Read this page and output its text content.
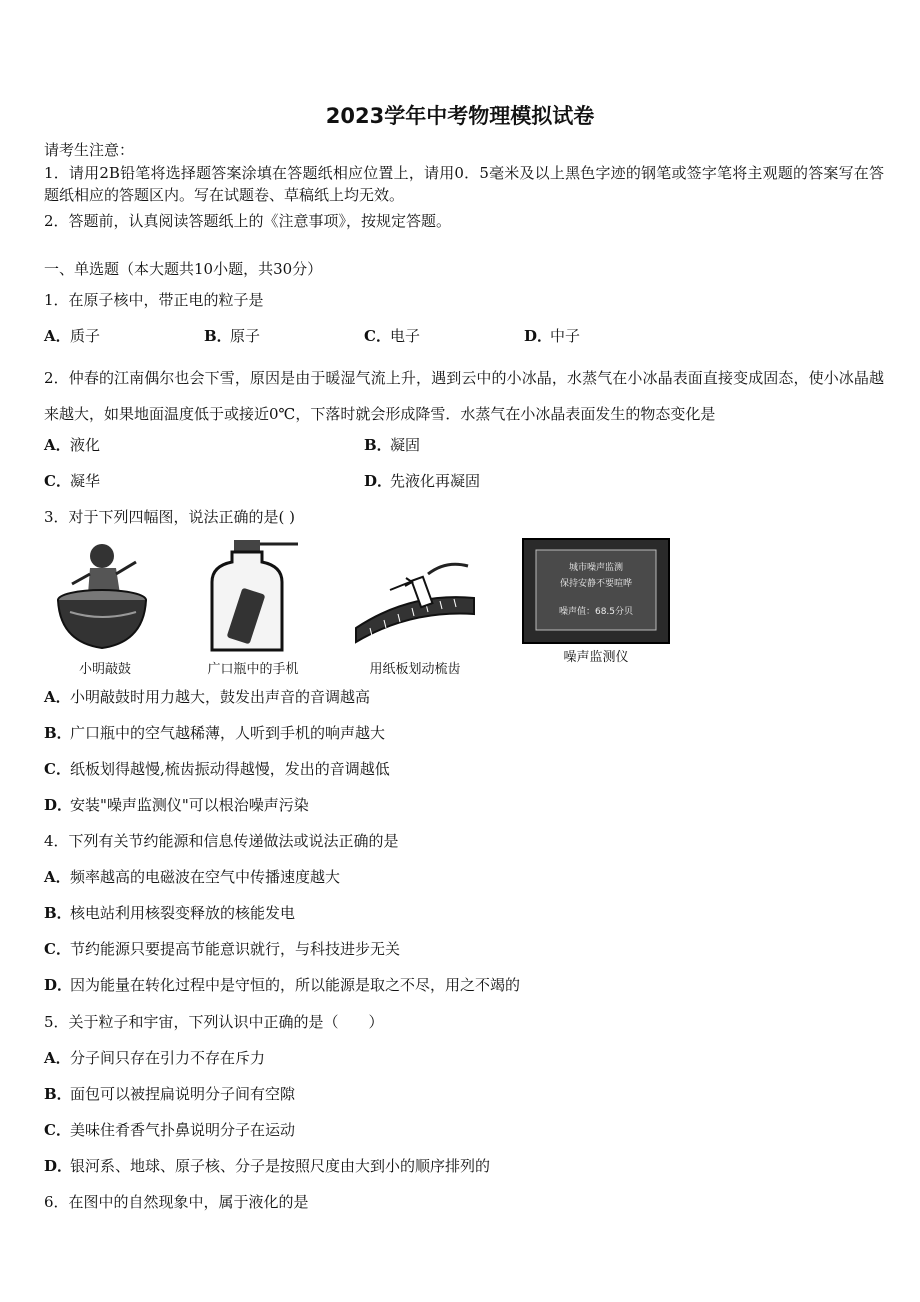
2023学年中考物理模拟试卷
请考生注意：
1．请用2B铅笔将选择题答案涂填在答题纸相应位置上，请用0．5毫米及以上黑色字迹的钢笔或签字笔将主观题的答案写在答题纸相应的答题区内。写在试题卷、草稿纸上均无效。
2．答题前，认真阅读答题纸上的《注意事项》，按规定答题。
一、单选题（本大题共10小题，共30分）
1．在原子核中，带正电的粒子是
A．质子	B．原子	C．电子	D．中子
2．仲春的江南偶尔也会下雪，原因是由于暖湿气流上升，遇到云中的小冰晶，水蒸气在小冰晶表面直接变成固态，使小冰晶越来越大，如果地面温度低于或接近0℃，下落时就会形成降雪．水蒸气在小冰晶表面发生的物态变化是
A．液化	B．凝固
C．凝华	D．先液化再凝固
3．对于下列四幅图，说法正确的是( )
小明敲鼓	广口瓶中的手机	用纸板划动梳齿
城市噪声监测
保持安静不要喧哗
噪声值：68.5分贝
噪声监测仪
A．小明敲鼓时用力越大，鼓发出声音的音调越高
B．广口瓶中的空气越稀薄，人听到手机的响声越大
C．纸板划得越慢,梳齿振动得越慢，发出的音调越低
D．安装"噪声监测仪"可以根治噪声污染
4．下列有关节约能源和信息传递做法或说法正确的是
A．频率越高的电磁波在空气中传播速度越大
B．核电站利用核裂变释放的核能发电
C．节约能源只要提高节能意识就行，与科技进步无关
D．因为能量在转化过程中是守恒的，所以能源是取之不尽，用之不竭的
5．关于粒子和宇宙，下列认识中正确的是（　　）
A．分子间只存在引力不存在斥力
B．面包可以被捏扁说明分子间有空隙
C．美味住肴香气扑鼻说明分子在运动
D．银河系、地球、原子核、分子是按照尺度由大到小的顺序排列的
6．在图中的自然现象中，属于液化的是
